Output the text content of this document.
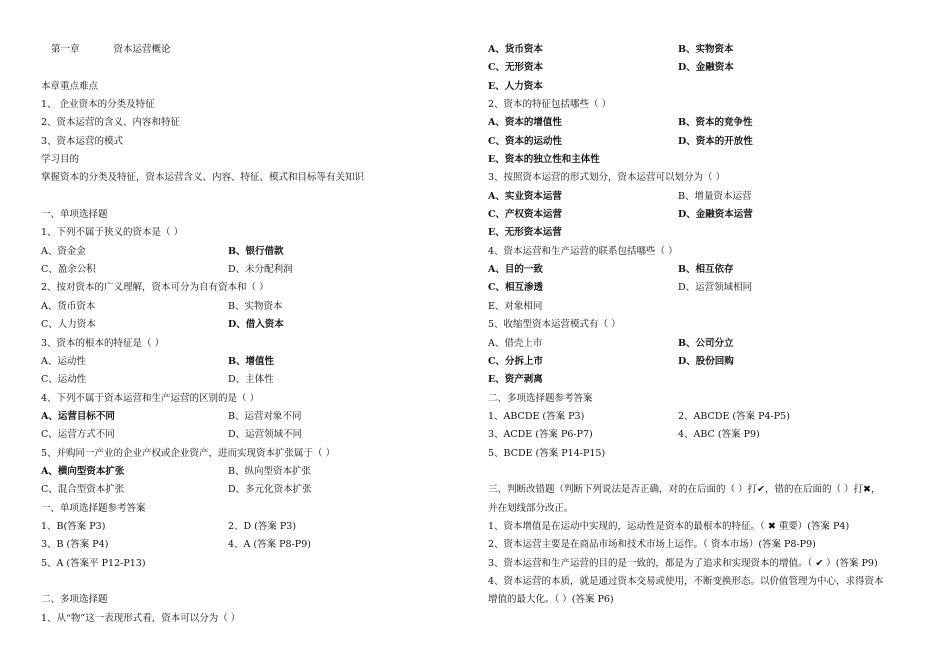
第一章	资本运营概论
本章重点难点
1、 企业资本的分类及特征
2、资本运营的含义、内容和特征
3、资本运营的模式
学习目的
掌握资本的分类及特征，资本运营含义、内容、特征、模式和目标等有关知识
一、单项选择题
1、下列不属于狭义的资本是（ ）
A、资金金	B、银行借款
C、盈余公积	D、未分配利润
2、按对资本的广义理解，资本可分为自有资本和（ ）
A、货币资本	B、实物资本
C、人力资本	D、借入资本
3、资本的根本的特征是（ ）
A、运动性	B、增值性
C、运动性	D、主体性
4、下列不属于资本运营和生产运营的区别的是（ ）
A、运营目标不同	B、运营对象不同
C、运营方式不同	D、运营领域不同
5、并购同一产业的企业产权或企业资产，进而实现资本扩张属于（ ）
A、横向型资本扩张	B、纵向型资本扩张
C、混合型资本扩张	D、多元化资本扩张
一、单项选择题参考答案
1、B(答案 P3)	2、D (答案 P3)
3、B (答案 P4)	4、A (答案 P8-P9)
5、A (答案平 P12-P13)
二、多项选择题
1、从“物”这一表现形式看，资本可以分为（ ）
A、货币资本	B、实物资本
C、无形资本	D、金融资本
E、人力资本
2、资本的特征包括哪些（ ）
A、资本的增值性	B、资本的竞争性
C、资本的运动性	D、资本的开放性
E、资本的独立性和主体性
3、按照资本运营的形式划分，资本运营可以划分为（ ）
A、实业资本运营	B、增量资本运营
C、产权资本运营	D、金融资本运营
E、无形资本运营
4、资本运营和生产运营的联系包括哪些（ ）
A、目的一致	B、相互依存
C、相互渗透	D、运营领域相同
E、对象相同
5、收缩型资本运营模式有（ ）
A、借壳上市	B、公司分立
C、分拆上市	D、股份回购
E、资产剥离
二、多项选择题参考答案
1、ABCDE (答案 P3)	2、ABCDE (答案 P4-P5)
3、ACDE (答案 P6-P7)	4、ABC (答案 P9)
5、BCDE (答案 P14-P15)
三、判断改错题（判断下列说法是否正确，对的在后面的（ ）打✔，错的在后面的（ ）打✖，
并在划线部分改正。
1、资本增值是在运动中实现的，运动性是资本的最根本的特征。（ ✖ 重要）(答案 P4)
2、资本运营主要是在商品市场和技术市场上运作。（ 资本市场）(答案 P8-P9)
3、资本运营和生产运营的目的是一致的，都是为了追求和实现资本的增值。（ ✔ ）(答案 P9)
4、资本运营的本质，就是通过资本交易或使用，不断变换形态。以价值管理为中心，求得资本
增值的最大化。（ ）(答案 P6)
